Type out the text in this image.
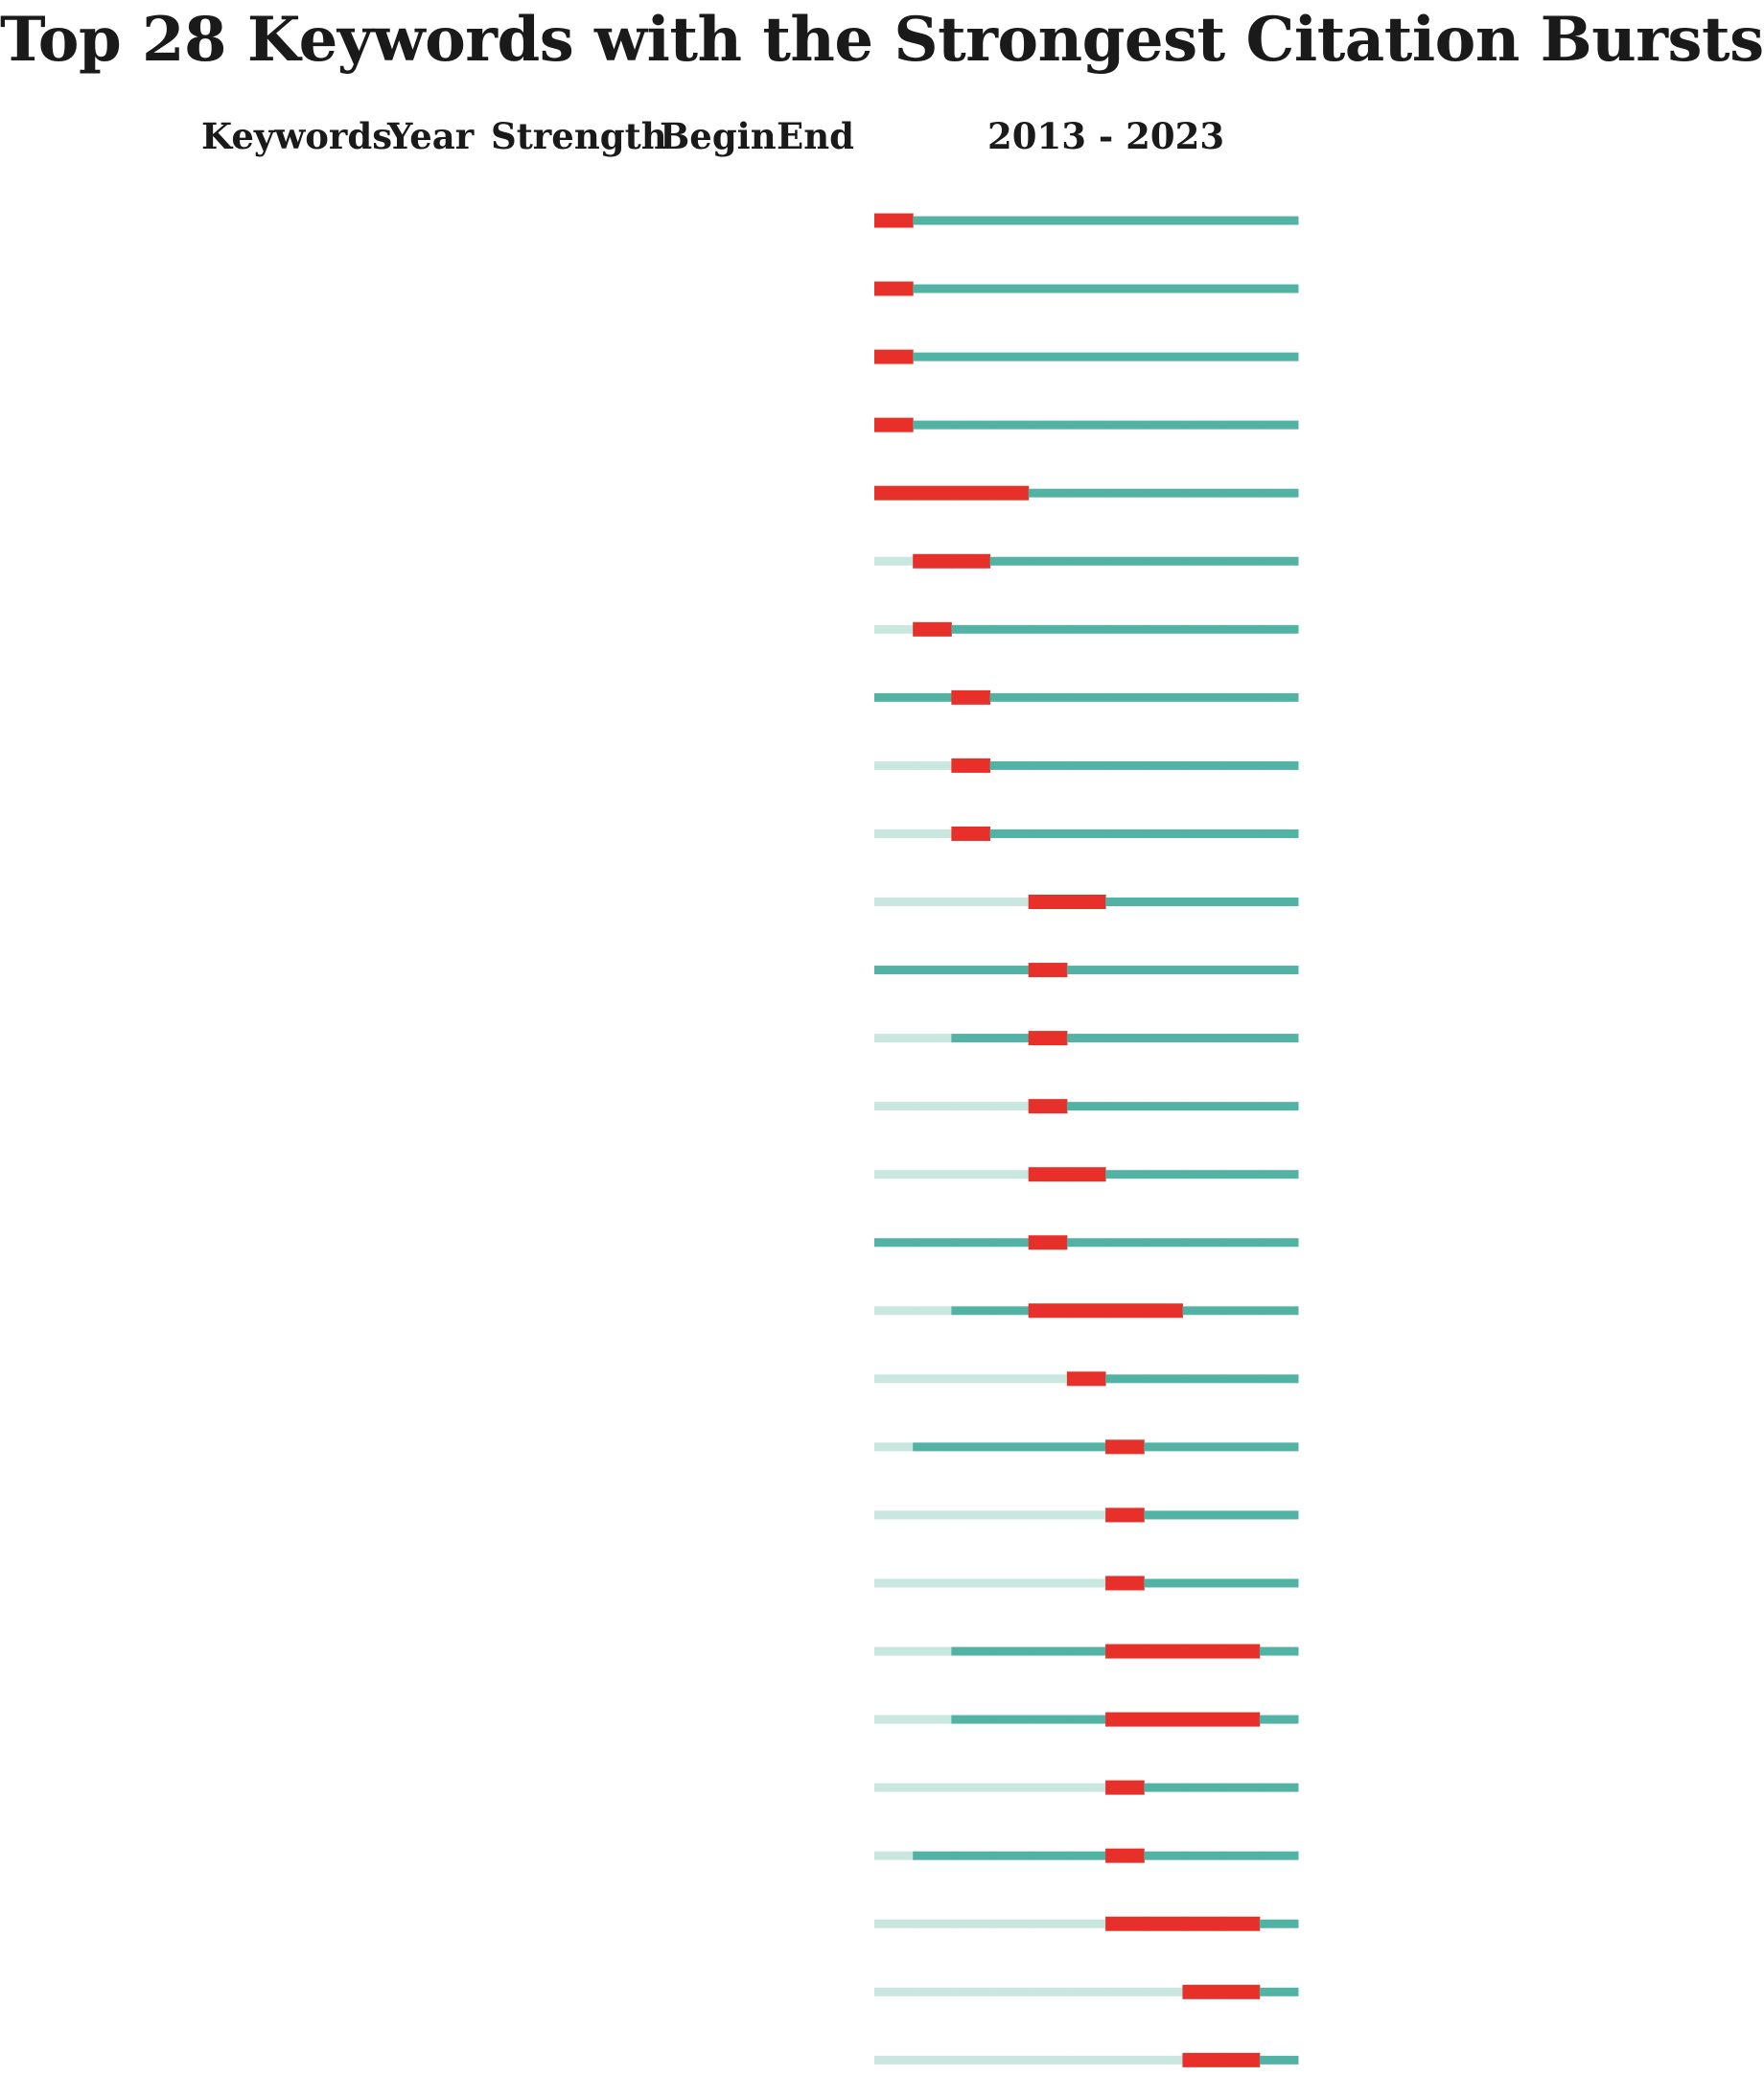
Top 28 Keywords with the Strongest Citation Bursts
Keywords
Year Strength
Begin End	2013 - 2023
